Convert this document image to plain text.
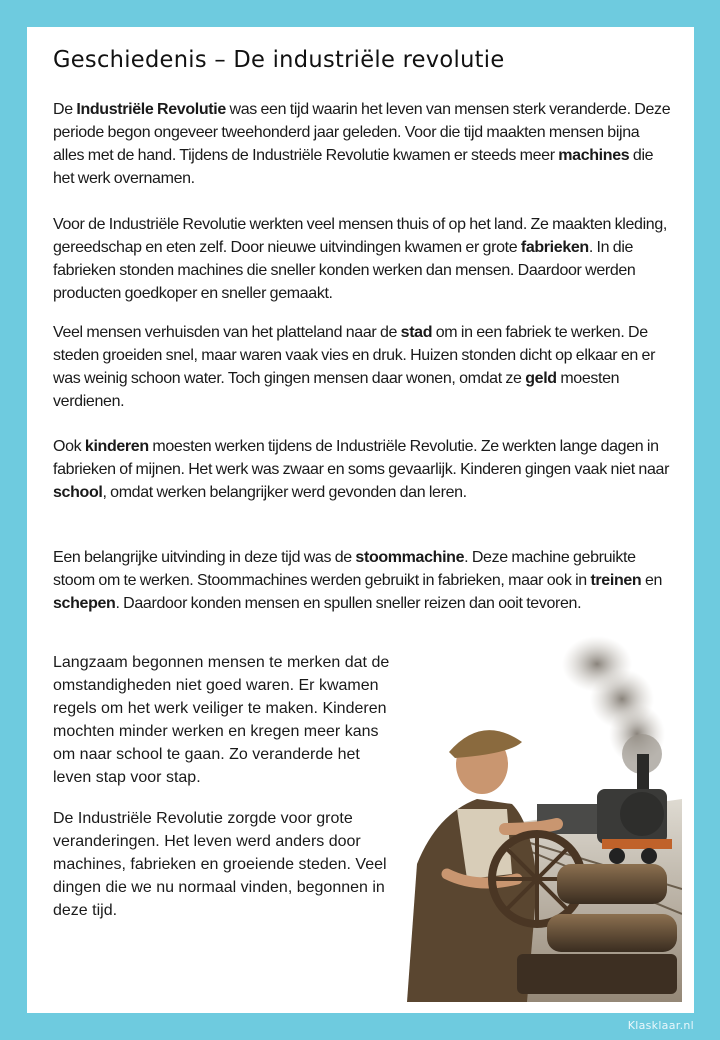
Geschiedenis – De industriële revolutie

De Industriële Revolutie was een tijd waarin het leven van mensen sterk veranderde. Deze periode begon ongeveer tweehonderd jaar geleden. Voor die tijd maakten mensen bijna alles met de hand. Tijdens de Industriële Revolutie kwamen er steeds meer machines die het werk overnamen.

Voor de Industriële Revolutie werkten veel mensen thuis of op het land. Ze maakten kleding, gereedschap en eten zelf. Door nieuwe uitvindingen kwamen er grote fabrieken. In die fabrieken stonden machines die sneller konden werken dan mensen. Daardoor werden producten goedkoper en sneller gemaakt.

Veel mensen verhuisden van het platteland naar de stad om in een fabriek te werken. De steden groeiden snel, maar waren vaak vies en druk. Huizen stonden dicht op elkaar en er was weinig schoon water. Toch gingen mensen daar wonen, omdat ze geld moesten verdienen.

Ook kinderen moesten werken tijdens de Industriële Revolutie. Ze werkten lange dagen in fabrieken of mijnen. Het werk was zwaar en soms gevaarlijk. Kinderen gingen vaak niet naar school, omdat werken belangrijker werd gevonden dan leren.

Een belangrijke uitvinding in deze tijd was de stoommachine. Deze machine gebruikte stoom om te werken. Stoommachines werden gebruikt in fabrieken, maar ook in treinen en schepen. Daardoor konden mensen en spullen sneller reizen dan ooit tevoren.

Langzaam begonnen mensen te merken dat de omstandigheden niet goed waren. Er kwamen regels om het werk veiliger te maken. Kinderen mochten minder werken en kregen meer kans om naar school te gaan. Zo veranderde het leven stap voor stap.

De Industriële Revolutie zorgde voor grote veranderingen. Het leven werd anders door machines, fabrieken en groeiende steden. Veel dingen die we nu normaal vinden, begonnen in deze tijd.

Klasklaar.nl
